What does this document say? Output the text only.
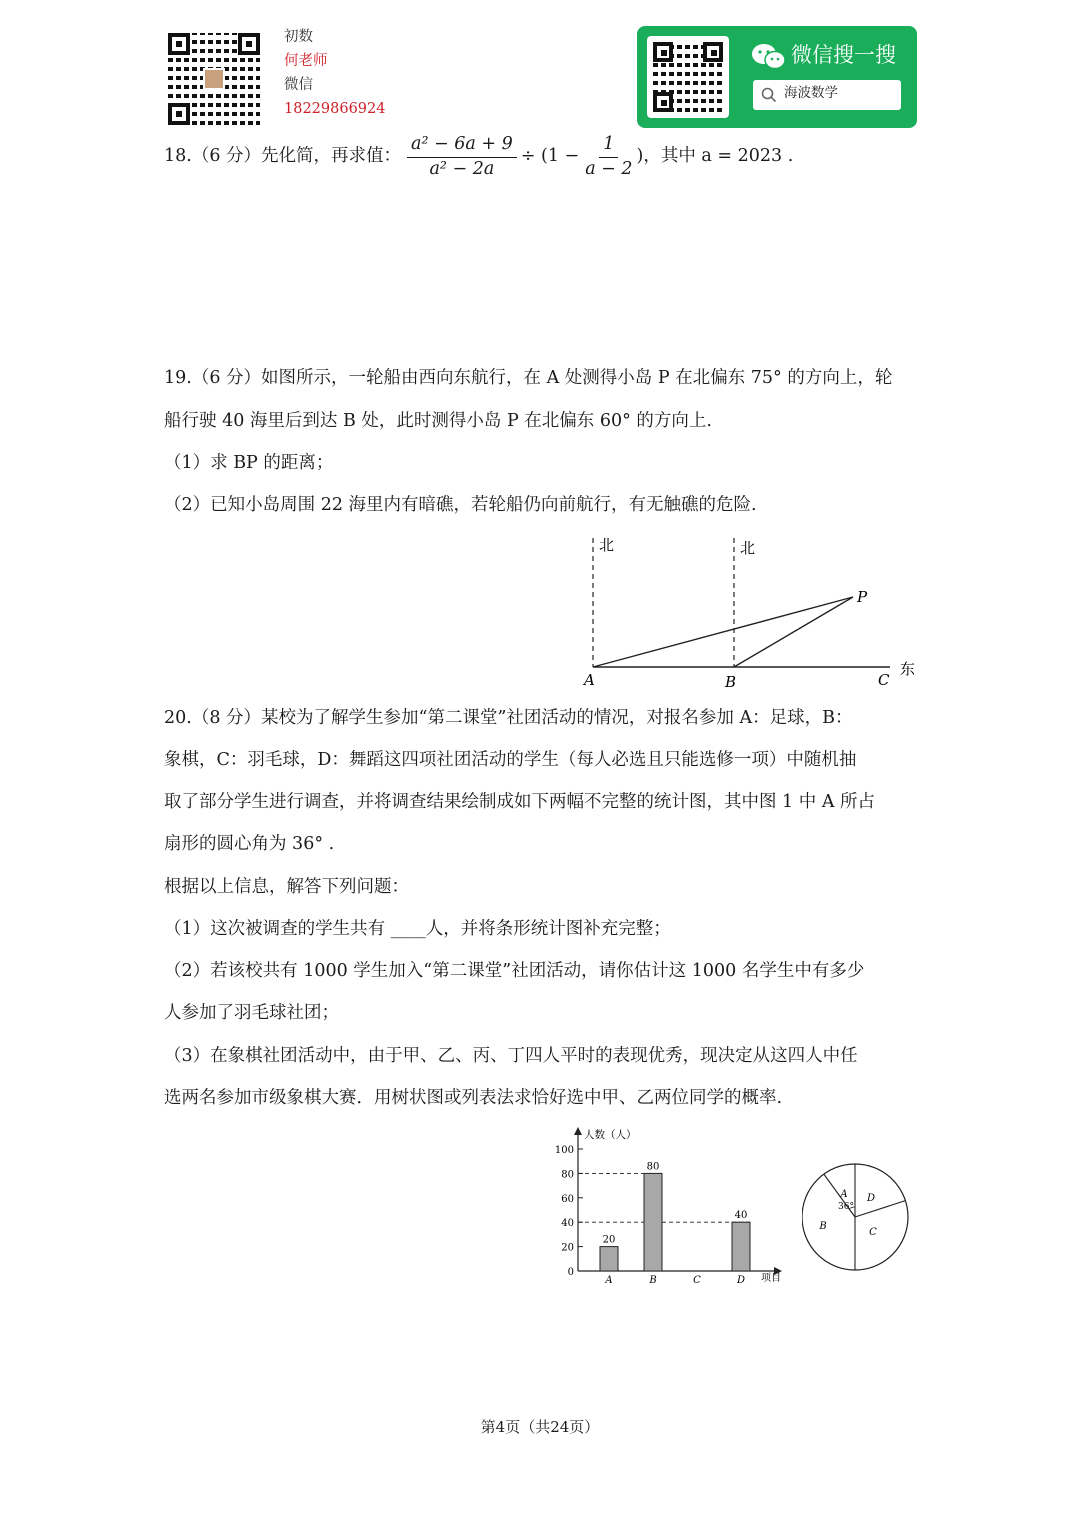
初数
何老师
微信
18229866924
微信搜一搜
海波数学
18.（6 分）先化简，再求值： $\frac{\text{a² − 6a + 9}}{\text{a² − 2a}} \div (1 - \frac{1}{a - 2}$ )，其中 a = 2023 .
19.（6 分）如图所示，一轮船由西向东航行，在 A 处测得小岛 P 在北偏东 75° 的方向上，轮
船行驶 40 海里后到达 B 处，此时测得小岛 P 在北偏东 60° 的方向上.
（1）求 BP 的距离；
（2）已知小岛周围 22 海里内有暗礁，若轮船仍向前航行，有无触礁的危险.
北	北
东
A	B	C
P
20.（8 分）某校为了解学生参加“第二课堂”社团活动的情况，对报名参加 A：足球，B：
象棋，C：羽毛球，D：舞蹈这四项社团活动的学生（每人必选且只能选修一项）中随机抽
取了部分学生进行调查，并将调查结果绘制成如下两幅不完整的统计图，其中图 1 中 A 所占
扇形的圆心角为 36° .
根据以上信息，解答下列问题：
（1）这次被调查的学生共有 ____人，并将条形统计图补充完整；
（2）若该校共有 1000 学生加入“第二课堂”社团活动，请你估计这 1000 名学生中有多少
人参加了羽毛球社团；
（3）在象棋社团活动中，由于甲、乙、丙、丁四人平时的表现优秀，现决定从这四人中任
选两名参加市级象棋大赛．用树状图或列表法求恰好选中甲、乙两位同学的概率.
人数（人）
项目
0
20
40
60
80
100
20
A
80
B	C
40
D
A
B
C
D
36°
第4页（共24页）
